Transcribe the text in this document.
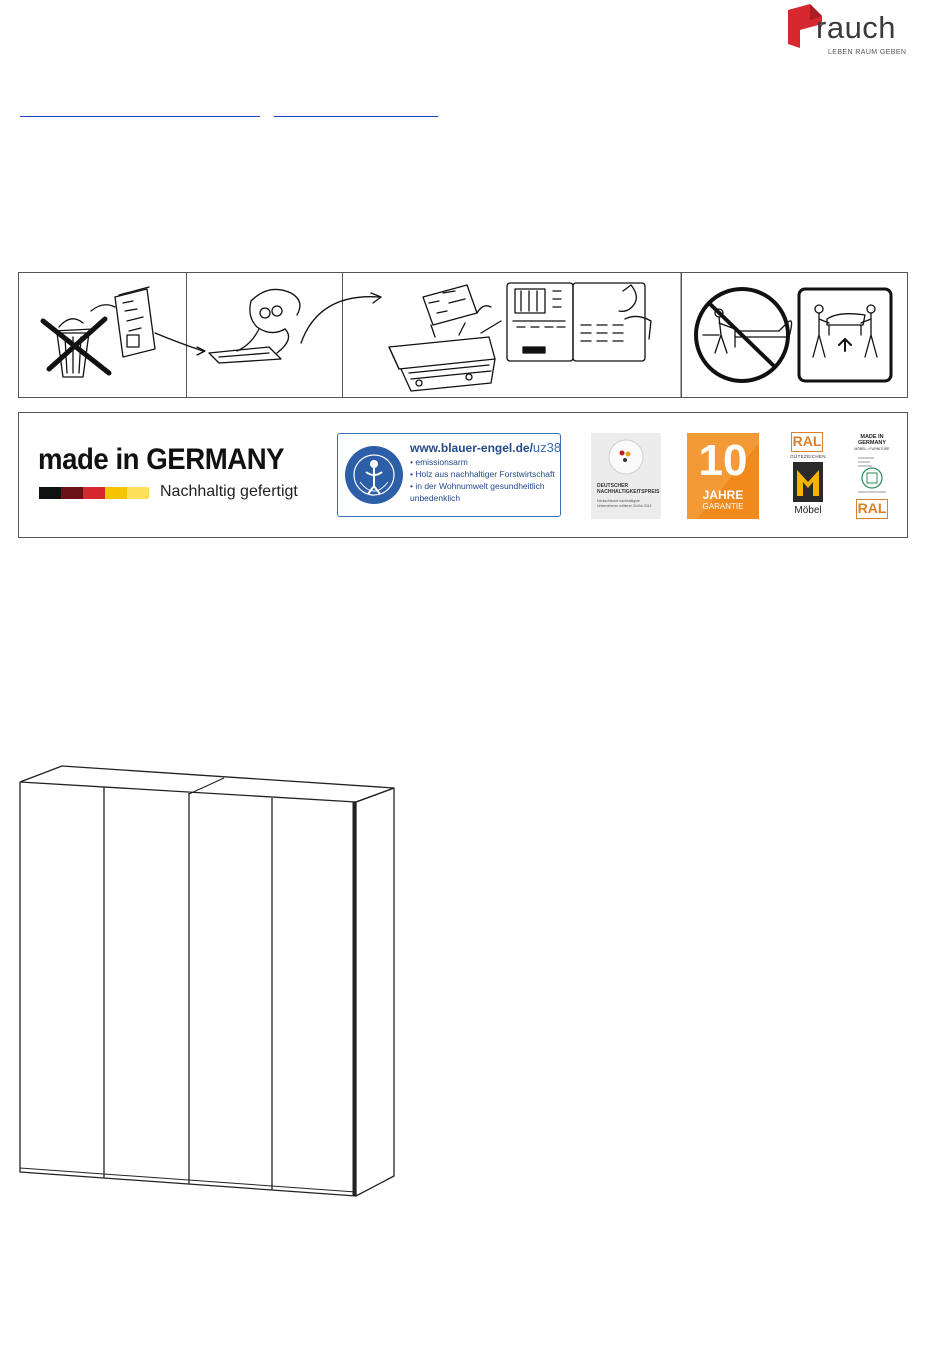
rauch
LEBEN RAUM GEBEN
made in GERMANY
Nachhaltig gefertigt
www.blauer-engel.de/uz38
• emissionsarm
• Holz aus nachhaltiger Forstwirtschaft
• in der Wohnumwelt gesundheitlich unbedenklich
DEUTSCHER NACHHALTIGKEITSPREIS
Deutschlands nachhaltigste Unternehmen mittlerer Größe 2014
10
JAHRE
GARANTIE
RAL
GÜTEZEICHEN
Möbel
MADE IN GERMANY
MÖBEL • FURNITURE
RAL
